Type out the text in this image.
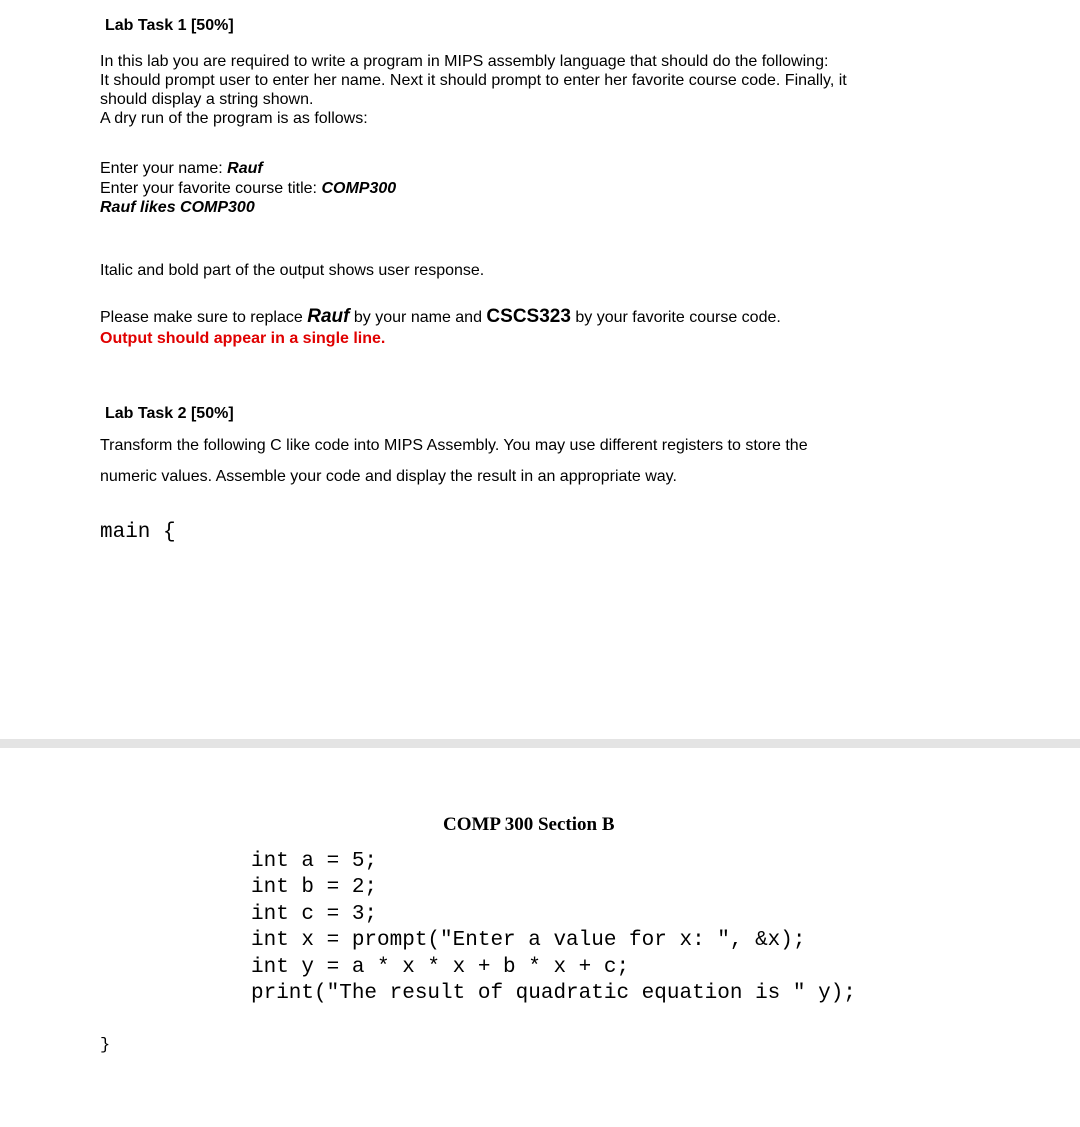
Lab Task 1 [50%]
In this lab you are required to write a program in MIPS assembly language that should do the following:
It should prompt user to enter her name. Next it should prompt to enter her favorite course code. Finally, it
should display a string shown.
A dry run of the program is as follows:
Enter your name: Rauf
Enter your favorite course title: COMP300
Rauf likes COMP300
Italic and bold part of the output shows user response.
Please make sure to replace Rauf by your name and CSCS323 by your favorite course code.
Output should appear in a single line.
Lab Task 2 [50%]
Transform the following C like code into MIPS Assembly. You may use different registers to store the
numeric values. Assemble your code and display the result in an appropriate way.
main {
COMP 300 Section B
int a = 5;
int b = 2;
int c = 3;
int x = prompt("Enter a value for x: ", &x);
int y = a * x * x + b * x + c;
print("The result of quadratic equation is " y);
}
